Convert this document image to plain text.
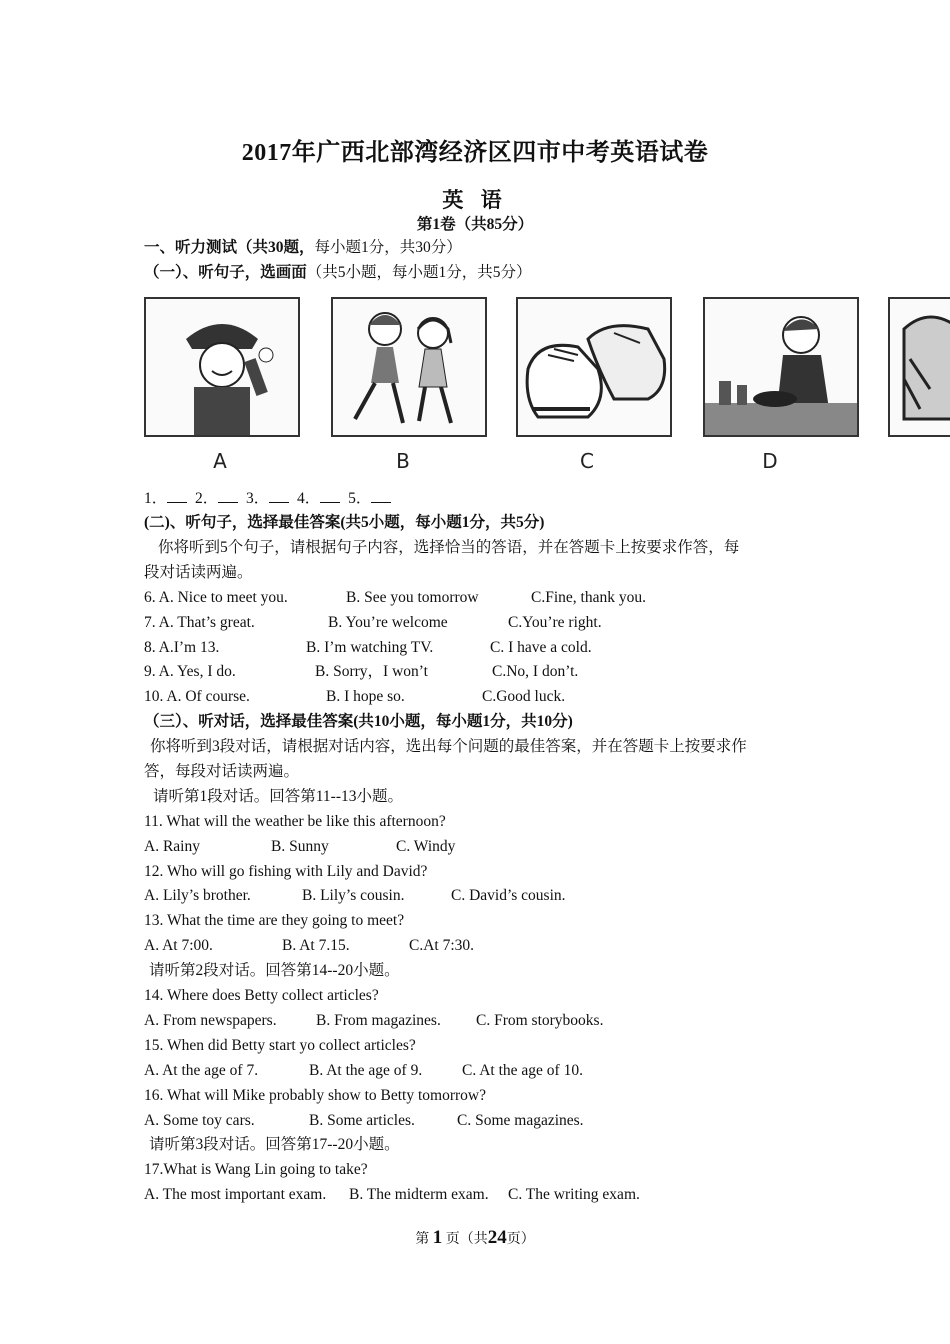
2017年广西北部湾经济区四市中考英语试卷
英 语
第1卷（共85分）
一、听力测试（共30题，每小题1分，共30分）
（一）、听句子，选画面（共5小题，每小题1分，共5分）
A	B	C	D
1． 2． 3． 4． 5．
(二)、听句子，选择最佳答案(共5小题，每小题1分，共5分)
你将听到5个句子，请根据句子内容，选择恰当的答语，并在答题卡上按要求作答，每
段对话读两遍。
6. A. Nice to meet you.	B. See you tomorrow	C.Fine, thank you.
7. A. That’s great.	B. You’re welcome	C.You’re right.
8. A.I’m 13.	B. I’m watching TV.	C. I have a cold.
9. A. Yes, I do.	B. Sorry，I won’t	C.No, I don’t.
10. A. Of course.	B. I hope so.	C.Good luck.
（三）、听对话，选择最佳答案(共10小题，每小题1分，共10分)
你将听到3段对话，请根据对话内容，选出每个问题的最佳答案，并在答题卡上按要求作
答，每段对话读两遍。
请听第1段对话。回答第11--13小题。
11. What will the weather be like this afternoon?
A. Rainy	B. Sunny	C. Windy
12. Who will go fishing with Lily and David?
A. Lily’s brother.	B. Lily’s cousin.	C. David’s cousin.
13. What the time are they going to meet?
A. At 7:00.	B. At 7.15.	C.At 7:30.
请听第2段对话。回答第14--20小题。
14. Where does Betty collect articles?
A. From newspapers.	B. From magazines. C. From storybooks.
15. When did Betty start yo collect articles?
A. At the age of 7.	B. At the age of 9.	C. At the age of 10.
16. What will Mike probably show to Betty tomorrow?
A. Some toy cars.	B. Some articles.	C. Some magazines.
请听第3段对话。回答第17--20小题。
17.What is Wang Lin going to take?
A. The most important exam. B. The midterm exam. C. The writing exam.
第 1 页（共24页）
